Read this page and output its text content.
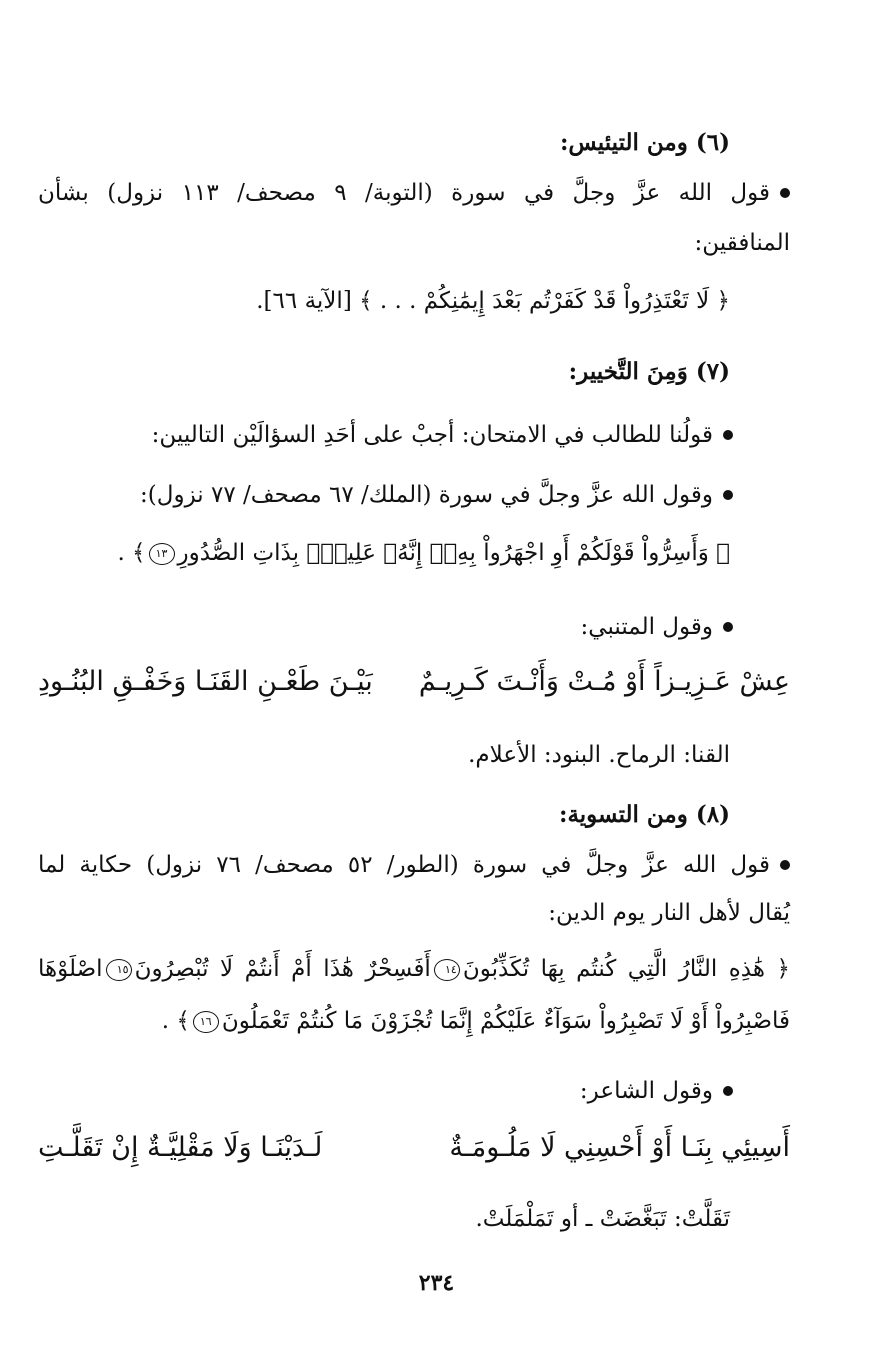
(٦) ومن التيئيس:
قول الله عزَّ وجلَّ في سورة (التوبة/ ٩ مصحف/ ١١٣ نزول) بشأن
المنافقين:
﴿ لَا تَعْتَذِرُواْ قَدْ كَفَرْتُم بَعْدَ إِيمَٰنِكُمْ . . . ﴾ [الآية ٦٦].
(٧) وَمِنَ التَّخيير:
قولُنا للطالب في الامتحان: أجبْ على أحَدِ السؤالَيْن التاليين:
وقول الله عزَّ وجلَّ في سورة (الملك/ ٦٧ مصحف/ ٧٧ نزول):
﴿ وَأَسِرُّواْ قَوْلَكُمْ أَوِ اجْهَرُواْ بِهِۦٓ إِنَّهُۥ عَلِيمٌۢ بِذَاتِ الصُّدُورِ١٣﴾ .
وقول المتنبي:
عِشْ عَـزِيـزاً أَوْ مُـتْ وَأَنْـتَ كَـرِيـمٌ
بَيْـنَ طَعْـنِ القَنَـا وَخَفْـقِ البُنُـودِ
القنا: الرماح. البنود: الأعلام.
(٨) ومن التسوية:
قول الله عزَّ وجلَّ في سورة (الطور/ ٥٢ مصحف/ ٧٦ نزول) حكاية لما
يُقال لأهل النار يوم الدين:
﴿ هَٰذِهِ النَّارُ الَّتِي كُنتُم بِهَا تُكَذِّبُونَ١٤أَفَسِحْرٌ هَٰذَا أَمْ أَنتُمْ لَا تُبْصِرُونَ١٥اصْلَوْهَا
فَاصْبِرُواْ أَوْ لَا تَصْبِرُواْ سَوَآءٌ عَلَيْكُمْ إِنَّمَا تُجْزَوْنَ مَا كُنتُمْ تَعْمَلُونَ١٦﴾ .
وقول الشاعر:
أَسِيئِي بِنَـا أَوْ أَحْسِنِي لَا مَلُـومَـةٌ
لَـدَيْنَـا وَلَا مَقْلِيَّـةٌ إِنْ تَقَلَّـتِ
تَقَلَّتْ: تَبَغَّضَتْ ـ أو تَمَلْمَلَتْ.
٢٣٤
